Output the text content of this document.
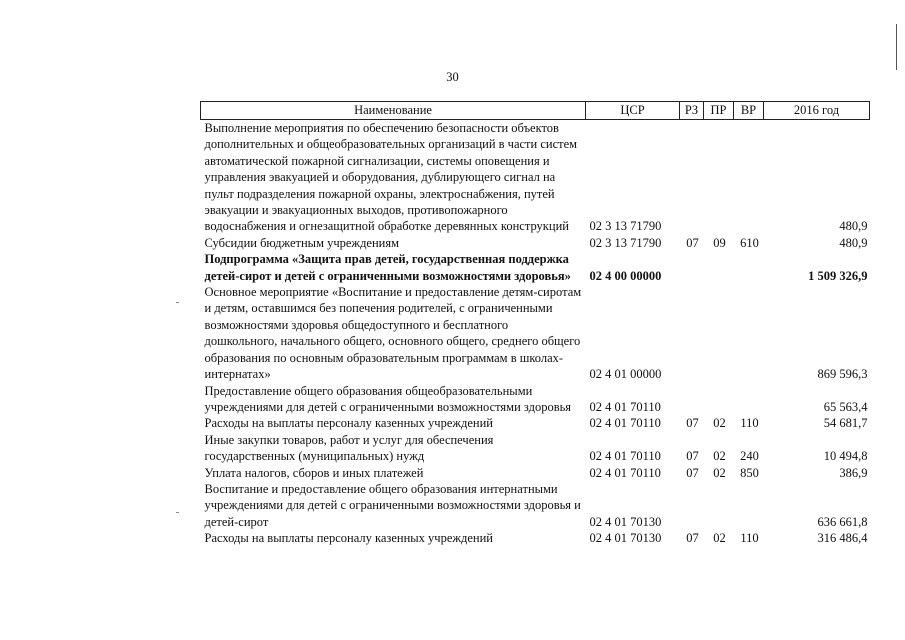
30
Наименование	ЦСР	РЗ	ПР	ВР	2016 год
Выполнение мероприятия по обеспечению безопасности объектов дополнительных и общеобразовательных организаций в части систем автоматической пожарной сигнализации, системы оповещения и управления эвакуацией и оборудования, дублирующего сигнал на пульт подразделения пожарной охраны, электроснабжения, путей эвакуации и эвакуационных выходов, противопожарного водоснабжения и огнезащитной обработке деревянных конструкций	02 3 13 71790				480,9
Субсидии бюджетным учреждениям	02 3 13 71790	07	09	610	480,9
Подпрограмма «Защита прав детей, государственная поддержка детей-сирот и детей с ограниченными возможностями здоровья»	02 4 00 00000				1 509 326,9
Основное мероприятие «Воспитание и предоставление детям-сиротам и детям, оставшимся без попечения родителей, с ограниченными возможностями здоровья общедоступного и бесплатного дошкольного, начального общего, основного общего, среднего общего образования по основным образовательным программам в школах-интернатах»	02 4 01 00000				869 596,3
Предоставление общего образования общеобразовательными учреждениями для детей с ограниченными возможностями здоровья	02 4 01 70110				65 563,4
Расходы на выплаты персоналу казенных учреждений	02 4 01 70110	07	02	110	54 681,7
Иные закупки товаров, работ и услуг для обеспечения государственных (муниципальных) нужд	02 4 01 70110	07	02	240	10 494,8
Уплата налогов, сборов и иных платежей	02 4 01 70110	07	02	850	386,9
Воспитание и предоставление общего образования интернатными учреждениями для детей с ограниченными возможностями здоровья и детей-сирот	02 4 01 70130				636 661,8
Расходы на выплаты персоналу казенных учреждений	02 4 01 70130	07	02	110	316 486,4
